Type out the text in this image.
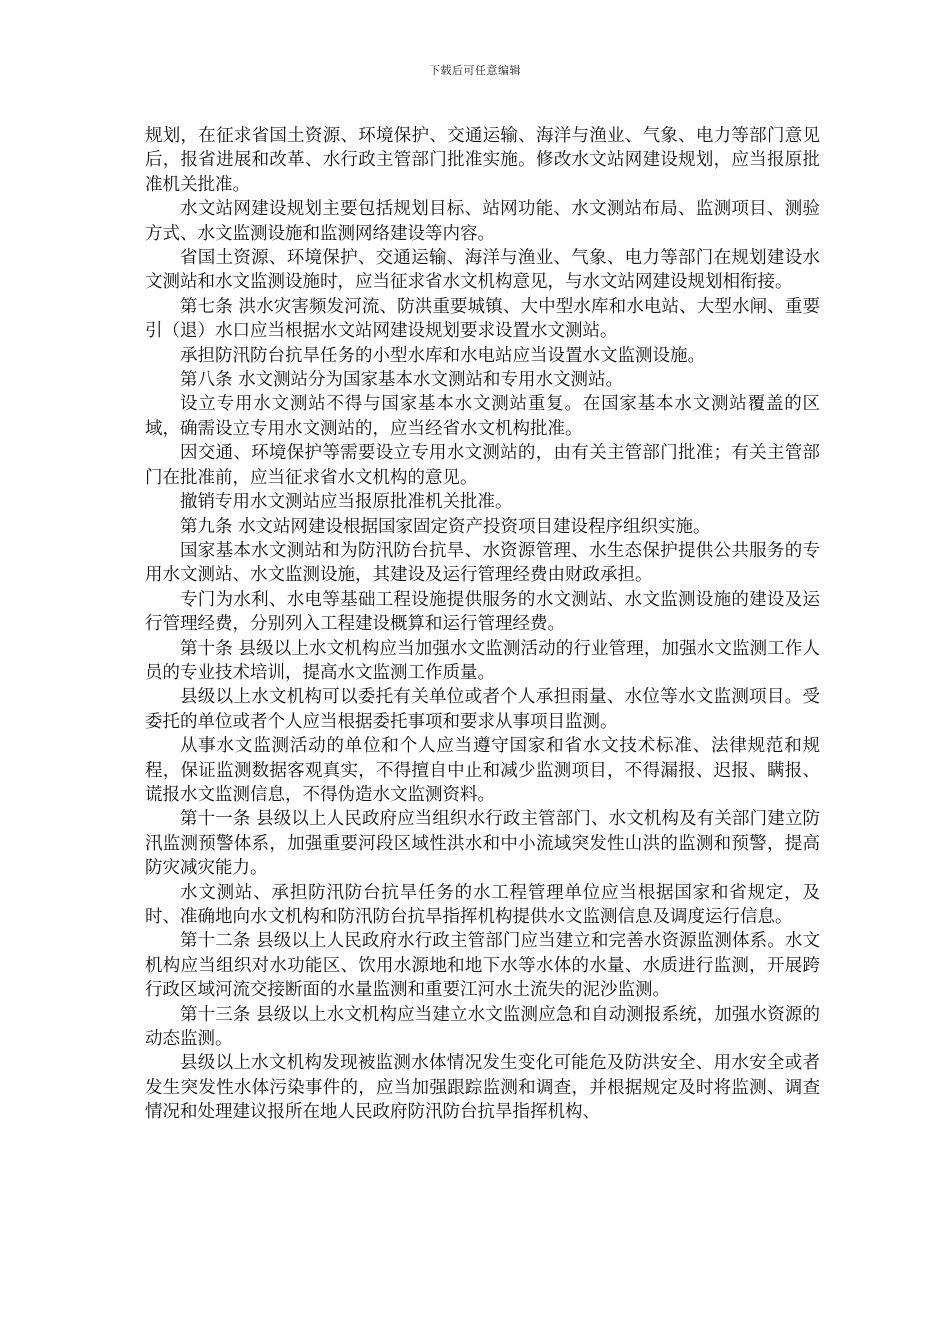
下载后可任意编辑

规划，在征求省国土资源、环境保护、交通运输、海洋与渔业、气象、电力等部门意见后，报省进展和改革、水行政主管部门批准实施。修改水文站网建设规划，应当报原批准机关批准。

水文站网建设规划主要包括规划目标、站网功能、水文测站布局、监测项目、测验方式、水文监测设施和监测网络建设等内容。

省国土资源、环境保护、交通运输、海洋与渔业、气象、电力等部门在规划建设水文测站和水文监测设施时，应当征求省水文机构意见，与水文站网建设规划相衔接。

第七条 洪水灾害频发河流、防洪重要城镇、大中型水库和水电站、大型水闸、重要引（退）水口应当根据水文站网建设规划要求设置水文测站。

承担防汛防台抗旱任务的小型水库和水电站应当设置水文监测设施。

第八条 水文测站分为国家基本水文测站和专用水文测站。

设立专用水文测站不得与国家基本水文测站重复。在国家基本水文测站覆盖的区域，确需设立专用水文测站的，应当经省水文机构批准。

因交通、环境保护等需要设立专用水文测站的，由有关主管部门批准；有关主管部门在批准前，应当征求省水文机构的意见。

撤销专用水文测站应当报原批准机关批准。

第九条 水文站网建设根据国家固定资产投资项目建设程序组织实施。

国家基本水文测站和为防汛防台抗旱、水资源管理、水生态保护提供公共服务的专用水文测站、水文监测设施，其建设及运行管理经费由财政承担。

专门为水利、水电等基础工程设施提供服务的水文测站、水文监测设施的建设及运行管理经费，分别列入工程建设概算和运行管理经费。

第十条 县级以上水文机构应当加强水文监测活动的行业管理，加强水文监测工作人员的专业技术培训，提高水文监测工作质量。

县级以上水文机构可以委托有关单位或者个人承担雨量、水位等水文监测项目。受委托的单位或者个人应当根据委托事项和要求从事项目监测。

从事水文监测活动的单位和个人应当遵守国家和省水文技术标准、法律规范和规程，保证监测数据客观真实，不得擅自中止和减少监测项目，不得漏报、迟报、瞒报、谎报水文监测信息，不得伪造水文监测资料。

第十一条 县级以上人民政府应当组织水行政主管部门、水文机构及有关部门建立防汛监测预警体系，加强重要河段区域性洪水和中小流域突发性山洪的监测和预警，提高防灾减灾能力。

水文测站、承担防汛防台抗旱任务的水工程管理单位应当根据国家和省规定，及时、准确地向水文机构和防汛防台抗旱指挥机构提供水文监测信息及调度运行信息。

第十二条 县级以上人民政府水行政主管部门应当建立和完善水资源监测体系。水文机构应当组织对水功能区、饮用水源地和地下水等水体的水量、水质进行监测，开展跨行政区域河流交接断面的水量监测和重要江河水土流失的泥沙监测。

第十三条 县级以上水文机构应当建立水文监测应急和自动测报系统，加强水资源的动态监测。

县级以上水文机构发现被监测水体情况发生变化可能危及防洪安全、用水安全或者发生突发性水体污染事件的，应当加强跟踪监测和调查，并根据规定及时将监测、调查情况和处理建议报所在地人民政府防汛防台抗旱指挥机构、
